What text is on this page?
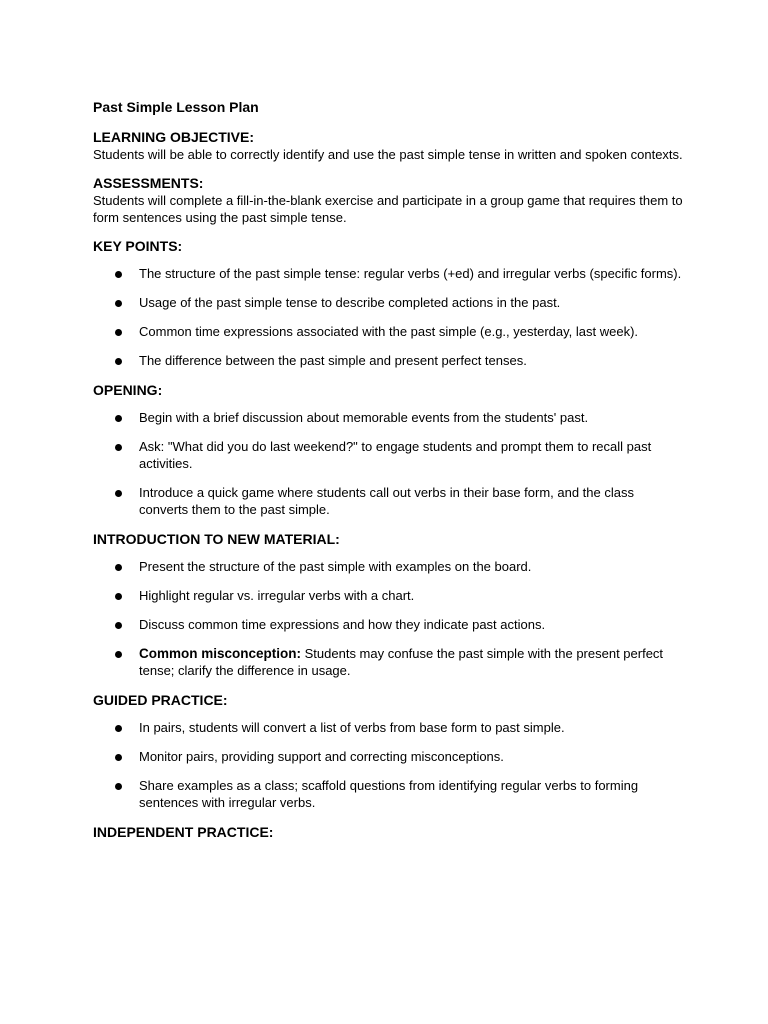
Past Simple Lesson Plan
LEARNING OBJECTIVE:
Students will be able to correctly identify and use the past simple tense in written and spoken contexts.
ASSESSMENTS:
Students will complete a fill-in-the-blank exercise and participate in a group game that requires them to form sentences using the past simple tense.
KEY POINTS:
The structure of the past simple tense: regular verbs (+ed) and irregular verbs (specific forms).
Usage of the past simple tense to describe completed actions in the past.
Common time expressions associated with the past simple (e.g., yesterday, last week).
The difference between the past simple and present perfect tenses.
OPENING:
Begin with a brief discussion about memorable events from the students' past.
Ask: "What did you do last weekend?" to engage students and prompt them to recall past activities.
Introduce a quick game where students call out verbs in their base form, and the class converts them to the past simple.
INTRODUCTION TO NEW MATERIAL:
Present the structure of the past simple with examples on the board.
Highlight regular vs. irregular verbs with a chart.
Discuss common time expressions and how they indicate past actions.
Common misconception: Students may confuse the past simple with the present perfect tense; clarify the difference in usage.
GUIDED PRACTICE:
In pairs, students will convert a list of verbs from base form to past simple.
Monitor pairs, providing support and correcting misconceptions.
Share examples as a class; scaffold questions from identifying regular verbs to forming sentences with irregular verbs.
INDEPENDENT PRACTICE:
